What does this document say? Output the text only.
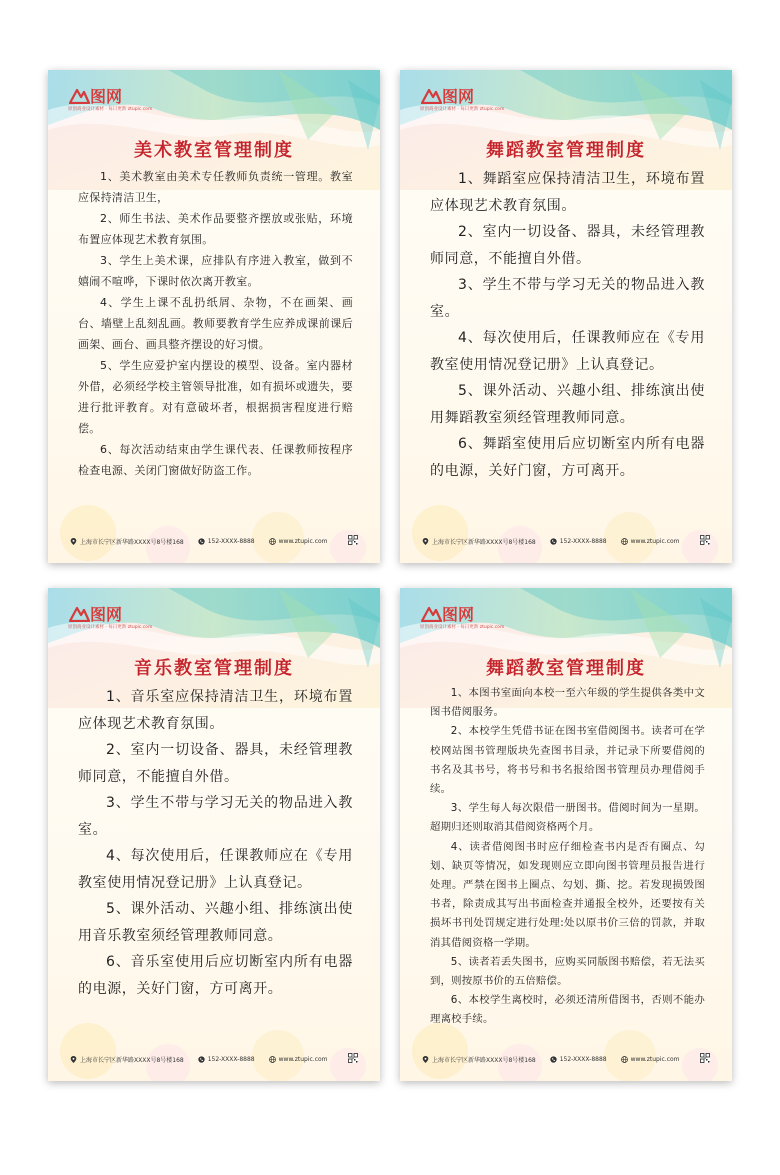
图网
原创商业设计素材 · 每日更新 ztupic.com
美术教室管理制度

1、美术教室由美术专任教师负责统一管理。教室应保持清洁卫生，

2、师生书法、美术作品要整齐摆放或张贴，环境布置应体现艺术教育氛围。

3、学生上美术课，应排队有序进入教室，做到不嬉闹不喧哗，下课时依次离开教室。

4、学生上课不乱扔纸屑、杂物，不在画架、画台、墙壁上乱刻乱画。教师要教育学生应养成课前课后画架、画台、画具整齐摆设的好习惯。

5、学生应爱护室内摆设的模型、设备。室内器材外借，必须经学校主管领导批准，如有损坏或遗失，要进行批评教育。对有意破坏者，根据损害程度进行赔偿。

6、每次活动结束由学生课代表、任课教师按程序检查电源、关闭门窗做好防盗工作。

上海市长宁区新华路XXXX号8号楼168	152-XXXX-8888	www.ztupic.com
图网
原创商业设计素材 · 每日更新 ztupic.com
舞蹈教室管理制度

1、舞蹈室应保持清洁卫生，环境布置应体现艺术教育氛围。

2、室内一切设备、器具，未经管理教师同意，不能擅自外借。

3、学生不带与学习无关的物品进入教室。

4、每次使用后，任课教师应在《专用教室使用情况登记册》上认真登记。

5、课外活动、兴趣小组、排练演出使用舞蹈教室须经管理教师同意。

6、舞蹈室使用后应切断室内所有电器的电源，关好门窗，方可离开。

上海市长宁区新华路XXXX号8号楼168	152-XXXX-8888	www.ztupic.com
图网
原创商业设计素材 · 每日更新 ztupic.com
音乐教室管理制度

1、音乐室应保持清洁卫生，环境布置应体现艺术教育氛围。

2、室内一切设备、器具，未经管理教师同意，不能擅自外借。

3、学生不带与学习无关的物品进入教室。

4、每次使用后，任课教师应在《专用教室使用情况登记册》上认真登记。

5、课外活动、兴趣小组、排练演出使用音乐教室须经管理教师同意。

6、音乐室使用后应切断室内所有电器的电源，关好门窗，方可离开。

上海市长宁区新华路XXXX号8号楼168	152-XXXX-8888	www.ztupic.com
图网
原创商业设计素材 · 每日更新 ztupic.com
舞蹈教室管理制度

1、本图书室面向本校一至六年级的学生提供各类中文图书借阅服务。

2、本校学生凭借书证在图书室借阅图书。读者可在学校网站图书管理版块先查图书目录，并记录下所要借阅的书名及其书号，将书号和书名报给图书管理员办理借阅手续。

3、学生每人每次限借一册图书。借阅时间为一星期。超期归还则取消其借阅资格两个月。

4、读者借阅图书时应仔细检查书内是否有圈点、勾划、缺页等情况，如发现则应立即向图书管理员报告进行处理。严禁在图书上圈点、勾划、撕、挖。若发现损毁图书者，除责成其写出书面检查并通报全校外，还要按有关损坏书刊处罚规定进行处理:处以原书价三倍的罚款，并取消其借阅资格一学期。

5、读者若丢失图书，应购买同版图书赔偿，若无法买到，则按原书价的五倍赔偿。

6、本校学生离校时，必须还清所借图书，否则不能办理离校手续。

上海市长宁区新华路XXXX号8号楼168	152-XXXX-8888	www.ztupic.com
